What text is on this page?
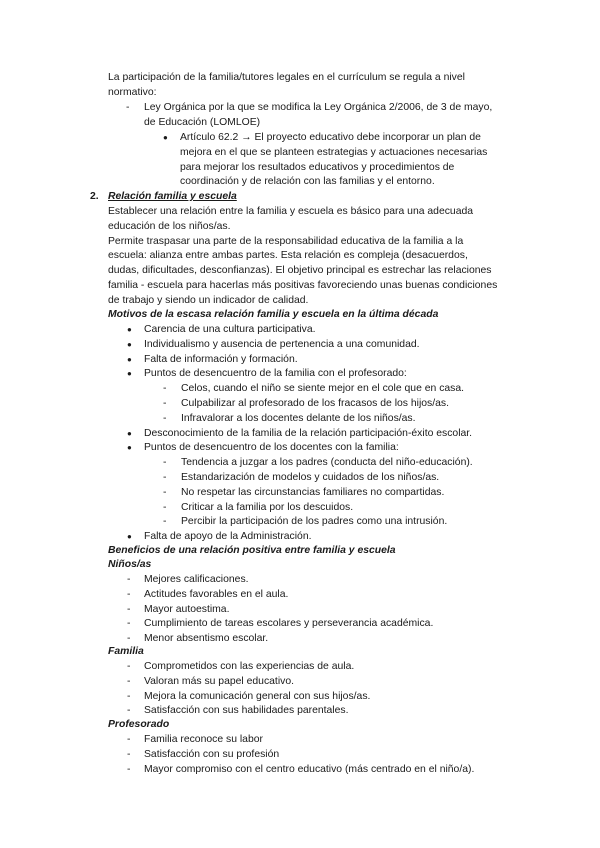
La participación de la familia/tutores legales en el currículum se regula a nivel
normativo:
-	Ley Orgánica por la que se modifica la Ley Orgánica 2/2006, de 3 de mayo,
de Educación (LOMLOE)
●	Artículo 62.2 → El proyecto educativo debe incorporar un plan de
mejora en el que se planteen estrategias y actuaciones necesarias
para mejorar los resultados educativos y procedimientos de
coordinación y de relación con las familias y el entorno.
2. Relación familia y escuela
Establecer una relación entre la familia y escuela es básico para una adecuada
educación de los niños/as.
Permite traspasar una parte de la responsabilidad educativa de la familia a la
escuela: alianza entre ambas partes. Esta relación es compleja (desacuerdos,
dudas, dificultades, desconfianzas). El objetivo principal es estrechar las relaciones
familia - escuela para hacerlas más positivas favoreciendo unas buenas condiciones
de trabajo y siendo un indicador de calidad.
Motivos de la escasa relación familia y escuela en la última década
●	Carencia de una cultura participativa.
●	Individualismo y ausencia de pertenencia a una comunidad.
●	Falta de información y formación.
●	Puntos de desencuentro de la familia con el profesorado:
-	Celos, cuando el niño se siente mejor en el cole que en casa.
-	Culpabilizar al profesorado de los fracasos de los hijos/as.
-	Infravalorar a los docentes delante de los niños/as.
●	Desconocimiento de la familia de la relación participación-éxito escolar.
●	Puntos de desencuentro de los docentes con la familia:
-	Tendencia a juzgar a los padres (conducta del niño-educación).
-	Estandarización de modelos y cuidados de los niños/as.
-	No respetar las circunstancias familiares no compartidas.
-	Criticar a la familia por los descuidos.
-	Percibir la participación de los padres como una intrusión.
●	Falta de apoyo de la Administración.
Beneficios de una relación positiva entre familia y escuela
Niños/as
-	Mejores calificaciones.
-	Actitudes favorables en el aula.
-	Mayor autoestima.
-	Cumplimiento de tareas escolares y perseverancia académica.
-	Menor absentismo escolar.
Familia
-	Comprometidos con las experiencias de aula.
-	Valoran más su papel educativo.
-	Mejora la comunicación general con sus hijos/as.
-	Satisfacción con sus habilidades parentales.
Profesorado
-	Familia reconoce su labor
-	Satisfacción con su profesión
-	Mayor compromiso con el centro educativo (más centrado en el niño/a).
